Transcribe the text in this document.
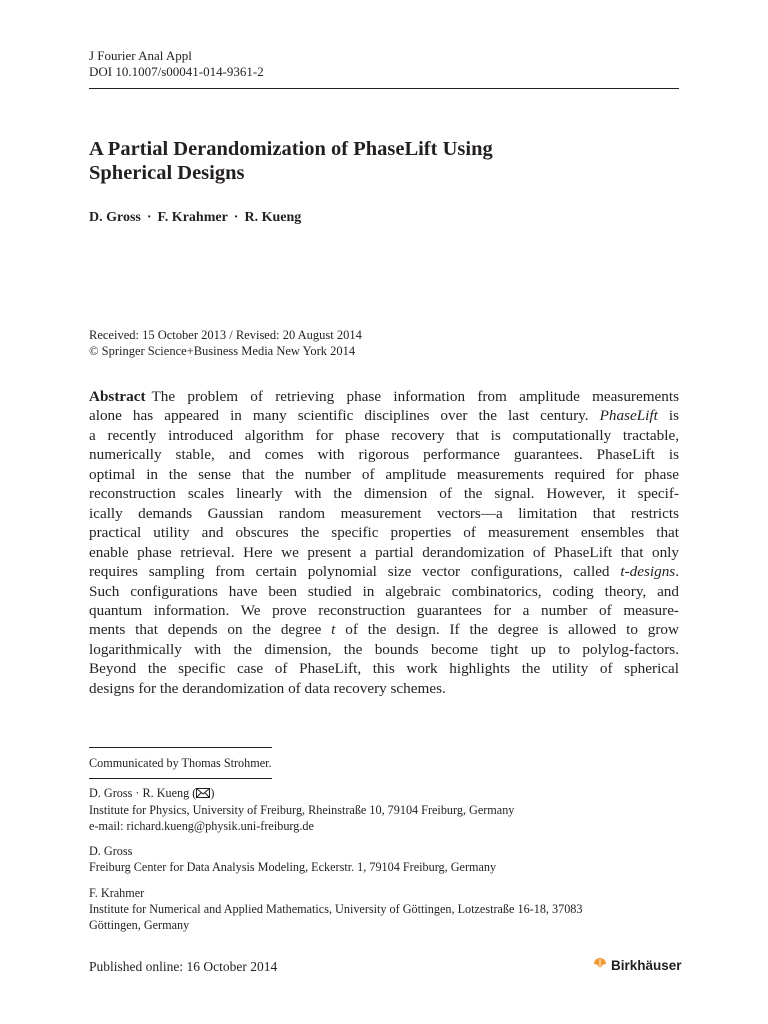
J Fourier Anal Appl
DOI 10.1007/s00041-014-9361-2
A Partial Derandomization of PhaseLift Using
Spherical Designs
D. Gross · F. Krahmer · R. Kueng
Received: 15 October 2013 / Revised: 20 August 2014
© Springer Science+Business Media New York 2014
Abstract The problem of retrieving phase information from amplitude measurements
alone has appeared in many scientific disciplines over the last century. PhaseLift is
a recently introduced algorithm for phase recovery that is computationally tractable,
numerically stable, and comes with rigorous performance guarantees. PhaseLift is
optimal in the sense that the number of amplitude measurements required for phase
reconstruction scales linearly with the dimension of the signal. However, it specif-
ically demands Gaussian random measurement vectors—a limitation that restricts
practical utility and obscures the specific properties of measurement ensembles that
enable phase retrieval. Here we present a partial derandomization of PhaseLift that only
requires sampling from certain polynomial size vector configurations, called t-designs.
Such configurations have been studied in algebraic combinatorics, coding theory, and
quantum information. We prove reconstruction guarantees for a number of measure-
ments that depends on the degree t of the design. If the degree is allowed to grow
logarithmically with the dimension, the bounds become tight up to polylog-factors.
Beyond the specific case of PhaseLift, this work highlights the utility of spherical
designs for the derandomization of data recovery schemes.
Communicated by Thomas Strohmer.
D. Gross · R. Kueng ( )
Institute for Physics, University of Freiburg, Rheinstraße 10, 79104 Freiburg, Germany
e-mail: richard.kueng@physik.uni-freiburg.de
D. Gross
Freiburg Center for Data Analysis Modeling, Eckerstr. 1, 79104 Freiburg, Germany
F. Krahmer
Institute for Numerical and Applied Mathematics, University of Göttingen, Lotzestraße 16-18, 37083
Göttingen, Germany
Published online: 16 October 2014	Birkhäuser
